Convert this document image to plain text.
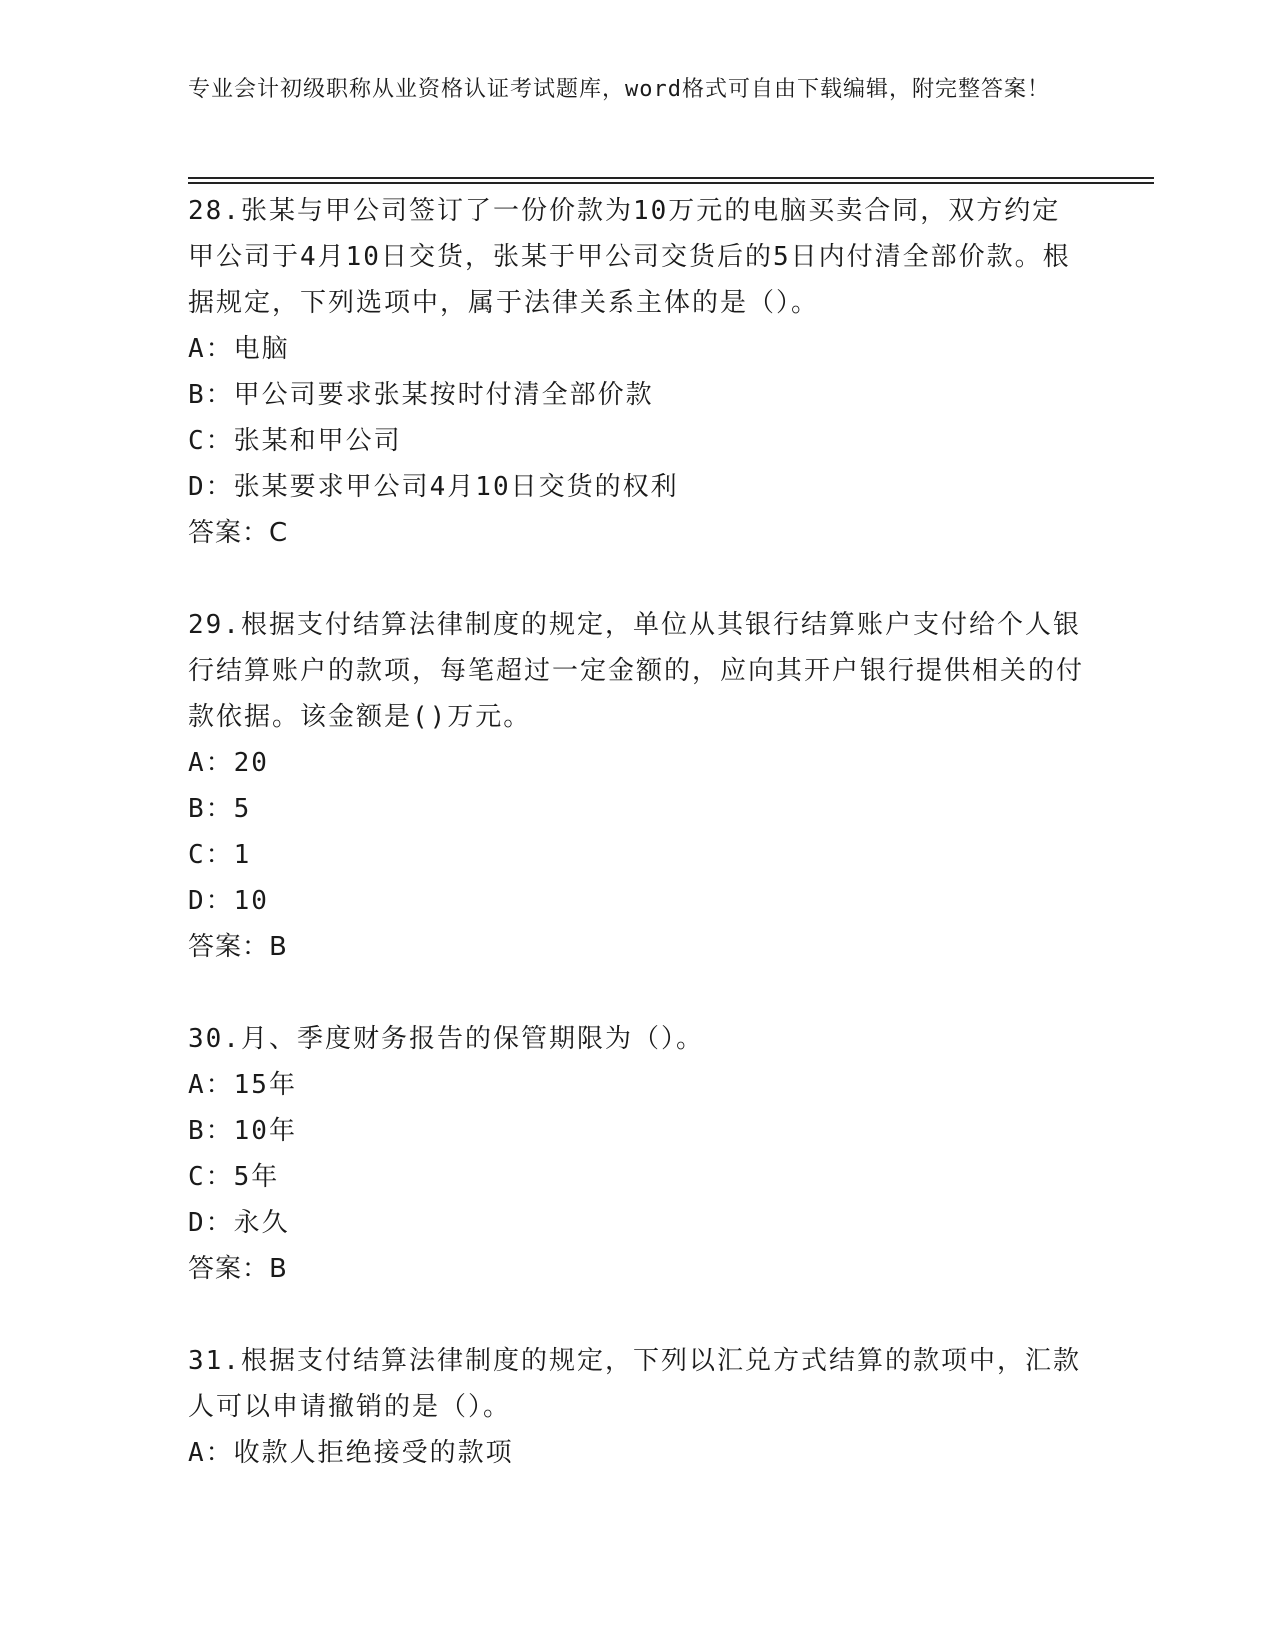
专业会计初级职称从业资格认证考试题库，word格式可自由下载编辑，附完整答案！

28.张某与甲公司签订了一份价款为10万元的电脑买卖合同，双方约定甲公司于4月10日交货，张某于甲公司交货后的5日内付清全部价款。根据规定，下列选项中，属于法律关系主体的是（）。

A：电脑

B：甲公司要求张某按时付清全部价款

C：张某和甲公司

D：张某要求甲公司4月10日交货的权利

答案：C

29.根据支付结算法律制度的规定，单位从其银行结算账户支付给个人银行结算账户的款项，每笔超过一定金额的，应向其开户银行提供相关的付款依据。该金额是()万元。

A：20

B：5

C：1

D：10

答案：B

30.月、季度财务报告的保管期限为（）。

A：15年

B：10年

C：5年

D：永久

答案：B

31.根据支付结算法律制度的规定，下列以汇兑方式结算的款项中，汇款人可以申请撤销的是（）。

A：收款人拒绝接受的款项
